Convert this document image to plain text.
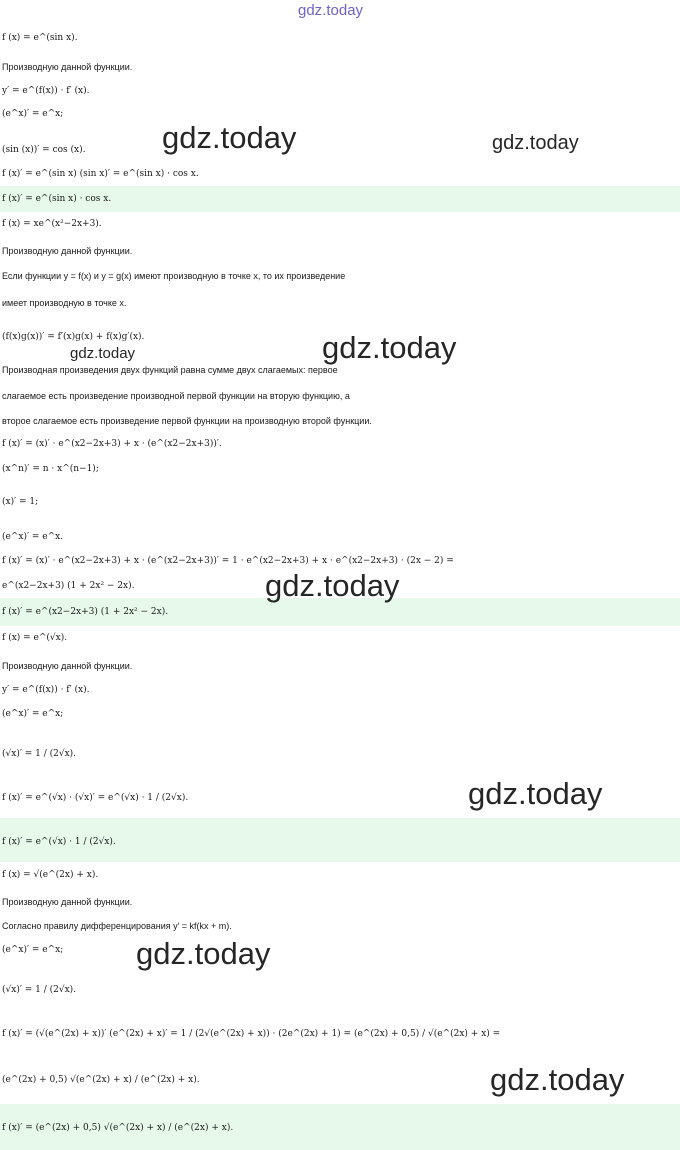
gdz.today
gdz.today	gdz.today
gdz.today
gdz.today
gdz.today
gdz.today
gdz.today
gdz.today
f (x) = e^(sin x).
Производную данной функции.
y′ = e^(f(x)) · f′ (x).
(e^x)′ = e^x;
(sin (x))′ = cos (x).
f (x)′ = e^(sin x) (sin x)′ = e^(sin x) · cos x.
f (x)′ = e^(sin x) · cos x.
f (x) = xe^(x²−2x+3).
Производную данной функции.
Если функции y = f(x) и y = g(x) имеют производную в точке x, то их произведение
имеет производную в точке x.
(f(x)g(x))′ = f′(x)g(x) + f(x)g′(x).
Производная произведения двух функций равна сумме двух слагаемых: первое
слагаемое есть произведение производной первой функции на вторую функцию, а
второе слагаемое есть произведение первой функции на производную второй функции.
f (x)′ = (x)′ · e^(x2−2x+3) + x · (e^(x2−2x+3))′.
(x^n)′ = n · x^(n−1);
(x)′ = 1;
(e^x)′ = e^x.
f (x)′ = (x)′ · e^(x2−2x+3) + x · (e^(x2−2x+3))′ = 1 · e^(x2−2x+3) + x · e^(x2−2x+3) · (2x − 2) =
e^(x2−2x+3) (1 + 2x² − 2x).
f (x)′ = e^(x2−2x+3) (1 + 2x² − 2x).
f (x) = e^(√x).
Производную данной функции.
y′ = e^(f(x)) · f′ (x).
(e^x)′ = e^x;
(√x)′ = 1 / (2√x).
f (x)′ = e^(√x) · (√x)′ = e^(√x) · 1 / (2√x).
f (x)′ = e^(√x) · 1 / (2√x).
f (x) = √(e^(2x) + x).
Производную данной функции.
Согласно правилу дифференцирования y′ = kf(kx + m).
(e^x)′ = e^x;
(√x)′ = 1 / (2√x).
f (x)′ = (√(e^(2x) + x))′ (e^(2x) + x)′ = 1 / (2√(e^(2x) + x)) · (2e^(2x) + 1) = (e^(2x) + 0,5) / √(e^(2x) + x) =
(e^(2x) + 0,5) √(e^(2x) + x) / (e^(2x) + x).
f (x)′ = (e^(2x) + 0,5) √(e^(2x) + x) / (e^(2x) + x).
